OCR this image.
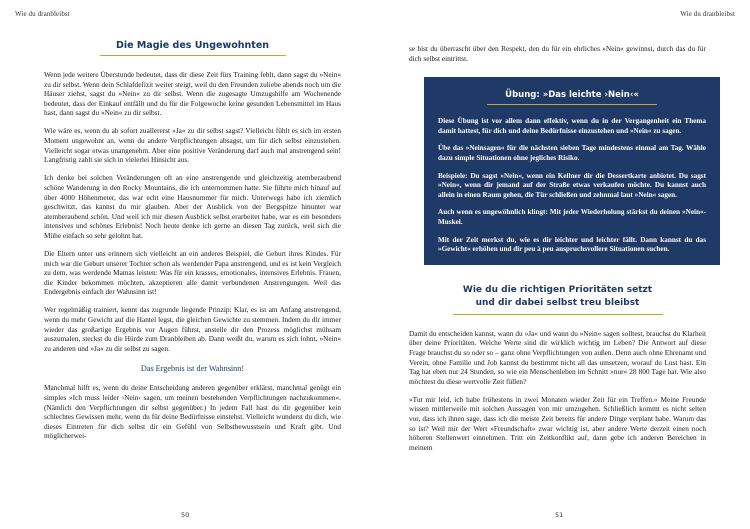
Wie du dranbleibst
Die Magie des Ungewohnten

Wenn jede weitere Überstunde bedeutet, dass dir diese Zeit fürs Training fehlt, dann sagst du »Nein« zu dir selbst. Wenn dein Schlafdefizit weiter steigt, weil du den Freunden zuliebe abends noch um die Häuser ziehst, sagst du »Nein« zu dir selbst. Wenn die zugesagte Umzugshilfe am Wochenende bedeutet, dass der Einkauf entfällt und du für die Folgewoche keine gesunden Lebensmittel im Haus hast, dann sagst du »Nein« zu dir selbst.

Wie wäre es, wenn du ab sofort zuallererst »Ja« zu dir selbst sagst? Vielleicht fühlt es sich im ersten Moment ungewohnt an, wenn du andere Verpflichtungen absagst, um für dich selbst einzustehen. Vielleicht sogar etwas unangenehm. Aber eine positive Veränderung darf auch mal anstrengend sein! Langfristig zahlt sie sich in vielerlei Hinsicht aus.

Ich denke bei solchen Veränderungen oft an eine anstrengende und gleichzeitig atemberaubend schöne Wanderung in den Rocky Mountains, die ich unternommen hatte. Sie führte mich hinauf auf über 4000 Höhenmeter, das war echt eine Hausnummer für mich. Unterwegs habe ich ziemlich geschwitzt, das kannst du mir glauben. Aber der Ausblick von der Bergspitze hinunter war atemberaubend schön. Und weil ich mir diesen Ausblick selbst erarbeitet habe, war es ein besonders intensives und schönes Erlebnis! Noch heute denke ich gerne an diesen Tag zurück, weil sich die Mühe einfach so sehr gelohnt hat.

Die Eltern unter uns erinnern sich vielleicht an ein anderes Beispiel, die Geburt ihres Kindes. Für mich war die Geburt unserer Tochter schon als werdender Papa anstrengend, und es ist kein Vergleich zu dem, was werdende Mamas leisten: Was für ein krasses, emotionales, intensives Erlebnis. Frauen, die Kinder bekommen möchten, akzeptieren alle damit verbundenen Anstrengungen. Weil das Endergebnis einfach der Wahnsinn ist!

Wer regelmäßig trainiert, kennt das zugrunde liegende Prinzip: Klar, es ist am Anfang anstrengend, wenn du mehr Gewicht auf die Hantel legst, die gleichen Gewichte zu stemmen. Indem du dir immer wieder das großartige Ergebnis vor Augen führst, anstelle dir den Prozess möglichst mühsam auszumalen, steckst du die Hürde zum Dranbleiben ab. Dann weißt du, warum es sich lohnt, »Nein« zu anderen und »Ja« zu dir selbst zu sagen.

Das Ergebnis ist der Wahnsinn!

Manchmal hilft es, wenn du deine Entscheidung anderen gegenüber erklärst, manchmal genügt ein simples »Ich muss leider ›Nein‹ sagen, um meinen bestehenden Verpflichtungen nachzukommen«. (Nämlich den Verpflichtungen dir selbst gegenüber.) In jedem Fall hast du dir gegenüber kein schlechtes Gewissen mehr, wenn du für deine Bedürfnisse einstehst. Vielleicht wunderst du dich, wie dieses Eintreten für dich selbst dir ein Gefühl von Selbstbewusstsein und Kraft gibt. Und möglicherwei-

50
Wie du dranbleibst

se bist du überrascht über den Respekt, den du für ein ehrliches »Nein« gewinnst, durch das du für dich selbst eintrittst.

Übung: »Das leichte ›Nein‹«

Diese Übung ist vor allem dann effektiv, wenn du in der Vergangenheit ein Thema damit hattest, für dich und deine Bedürfnisse einzustehen und »Nein« zu sagen.

Übe das »Neinsagen« für die nächsten sieben Tage mindestens einmal am Tag. Wähle dazu simple Situationen ohne jegliches Risiko.

Beispiele: Du sagst »Nein«, wenn ein Kellner dir die Dessertkarte anbietet. Du sagst »Nein«, wenn dir jemand auf der Straße etwas verkaufen möchte. Du kannst auch allein in einen Raum gehen, die Tür schließen und zehnmal laut »Nein« sagen.

Auch wenn es ungewöhnlich klingt: Mit jeder Wiederholung stärkst du deinen »Nein«-Muskel.

Mit der Zeit merkst du, wie es dir leichter und leichter fällt. Dann kannst du das »Gewicht« erhöhen und dir peu à peu anspruchsvollere Situationen suchen.

Wie du die richtigen Prioritäten setzt
und dir dabei selbst treu bleibst

Damit du entscheiden kannst, wann du »Ja« und wann du »Nein« sagen solltest, brauchst du Klarheit über deine Prioritäten. Welche Werte sind dir wirklich wichtig im Leben? Die Antwort auf diese Frage brauchst du so oder so – ganz ohne Verpflichtungen von außen. Denn auch ohne Ehrenamt und Verein, ohne Familie und Job kannst du bestimmt nicht all das umsetzen, worauf du Lust hast. Ein Tag hat eben nur 24 Stunden, so wie ein Menschenleben im Schnitt »nur« 28 800 Tage hat. Wie also möchtest du diese wertvolle Zeit füllen?

»Tut mir leid, ich habe frühestens in zwei Monaten wieder Zeit für ein Treffen.« Meine Freunde wissen mittlerweile mit solchen Aussagen von mir umzugehen. Schließlich kommt es nicht selten vor, dass ich ihnen sage, dass ich die meiste Zeit bereits für andere Dinge verplant habe. Warum das so ist? Weil mir der Wert »Freundschaft« zwar wichtig ist, aber andere Werte derzeit einen noch höheren Stellenwert einnehmen. Tritt ein Zeitkonflikt auf, dann gebe ich anderen Bereichen in meinem

51
